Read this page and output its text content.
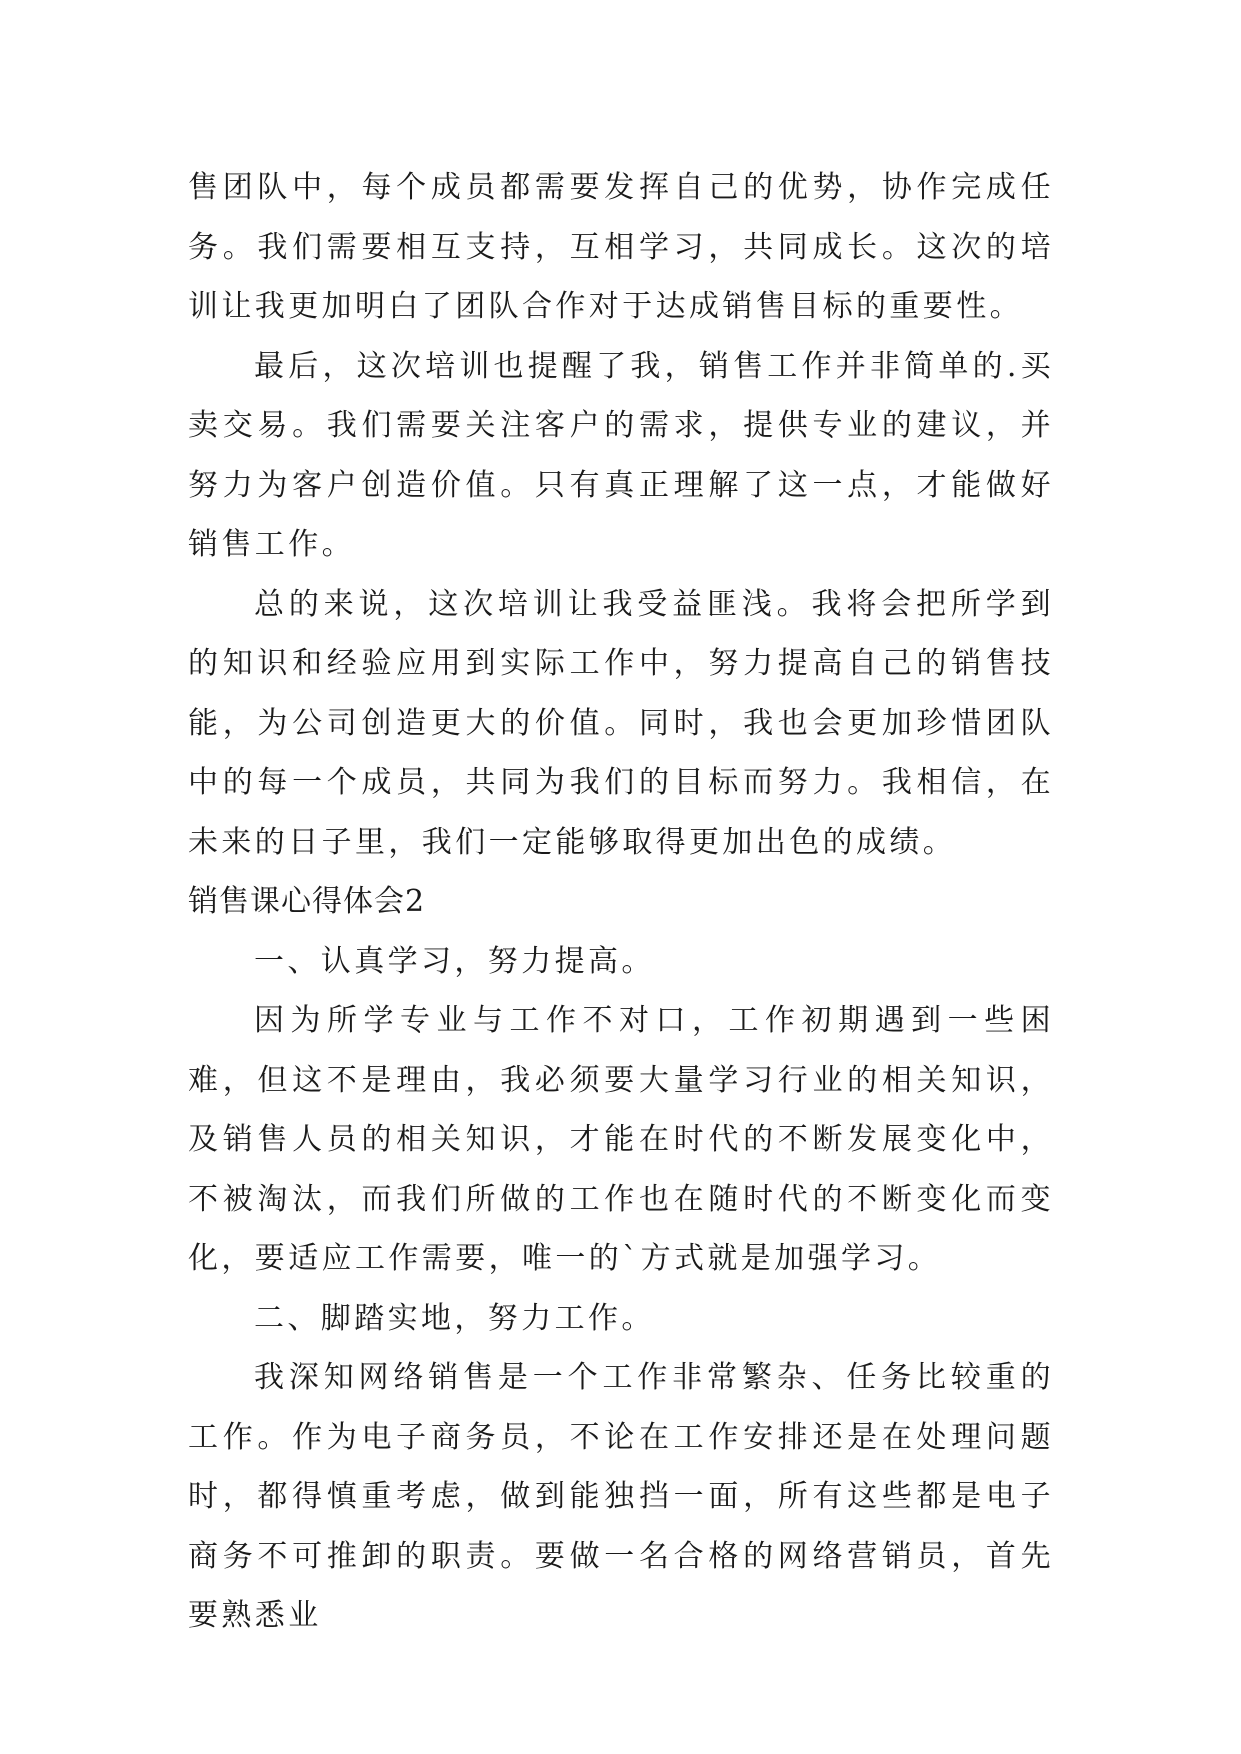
售团队中，每个成员都需要发挥自己的优势，协作完成任务。我们需要相互支持，互相学习，共同成长。这次的培训让我更加明白了团队合作对于达成销售目标的重要性。

最后，这次培训也提醒了我，销售工作并非简单的.买卖交易。我们需要关注客户的需求，提供专业的建议，并努力为客户创造价值。只有真正理解了这一点，才能做好销售工作。

总的来说，这次培训让我受益匪浅。我将会把所学到的知识和经验应用到实际工作中，努力提高自己的销售技能，为公司创造更大的价值。同时，我也会更加珍惜团队中的每一个成员，共同为我们的目标而努力。我相信，在未来的日子里，我们一定能够取得更加出色的成绩。

销售课心得体会2

一、认真学习，努力提高。

因为所学专业与工作不对口，工作初期遇到一些困难，但这不是理由，我必须要大量学习行业的相关知识，及销售人员的相关知识，才能在时代的不断发展变化中，不被淘汰，而我们所做的工作也在随时代的不断变化而变化，要适应工作需要，唯一的`方式就是加强学习。

二、脚踏实地，努力工作。

我深知网络销售是一个工作非常繁杂、任务比较重的工作。作为电子商务员，不论在工作安排还是在处理问题时，都得慎重考虑，做到能独挡一面，所有这些都是电子商务不可推卸的职责。要做一名合格的网络营销员，首先要熟悉业
